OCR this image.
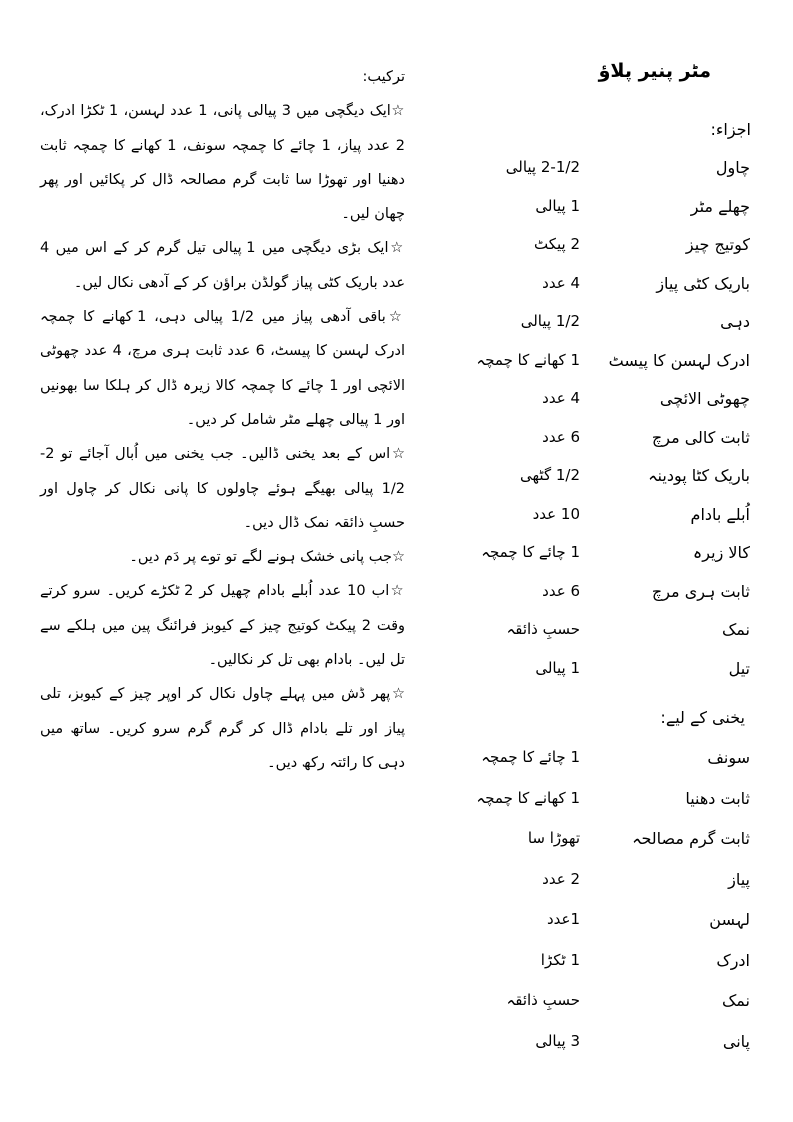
مٹر پنیر پلاؤ
اجزاء:
چاول
2-1/2 پیالی
چھلے مٹر
1 پیالی
کوتیج چیز
2 پیکٹ
باریک کٹی پیاز
4 عدد
دہی
1/2 پیالی
ادرک لہسن کا پیسٹ
1 کھانے کا چمچہ
چھوٹی الائچی
4 عدد
ثابت کالی مرچ
6 عدد
باریک کٹا پودینہ
1/2 گٹھی
اُبلے بادام
10 عدد
کالا زیرہ
1 چائے کا چمچہ
ثابت ہری مرچ
6 عدد
نمک
حسبِ ذائقہ
تیل
1 پیالی
یخنی کے لیے:
سونف
1 چائے کا چمچہ
ثابت دھنیا
1 کھانے کا چمچہ
ثابت گرم مصالحہ
تھوڑا سا
پیاز
2 عدد
لہسن
1عدد
ادرک
1 ٹکڑا
نمک
حسبِ ذائقہ
پانی
3 پیالی
ترکیب:

☆ایک دیگچی میں 3 پیالی پانی، 1 عدد لہسن، 1 ٹکڑا ادرک، 2 عدد پیاز، 1 چائے کا چمچہ سونف، 1 کھانے کا چمچہ ثابت دھنیا اور تھوڑا سا ثابت گرم مصالحہ ڈال کر پکائیں اور پھر چھان لیں۔

☆ایک بڑی دیگچی میں 1 پیالی تیل گرم کر کے اس میں 4 عدد باریک کٹی پیاز گولڈن براؤن کر کے آدھی نکال لیں۔

☆باقی آدھی پیاز میں 1/2 پیالی دہی، 1 کھانے کا چمچہ ادرک لہسن کا پیسٹ، 6 عدد ثابت ہری مرچ، 4 عدد چھوٹی الائچی اور 1 چائے کا چمچہ کالا زیرہ ڈال کر ہلکا سا بھونیں اور 1 پیالی چھلے مٹر شامل کر دیں۔

☆اس کے بعد یخنی ڈالیں۔ جب یخنی میں اُبال آجائے تو 2-1/2 پیالی بھیگے ہوئے چاولوں کا پانی نکال کر چاول اور حسبِ ذائقہ نمک ڈال دیں۔

☆جب پانی خشک ہونے لگے تو توے پر دَم دیں۔

☆اب 10 عدد اُبلے بادام چھیل کر 2 ٹکڑے کریں۔ سرو کرتے وقت 2 پیکٹ کوتیج چیز کے کیوبز فرائنگ پین میں ہلکے سے تل لیں۔ بادام بھی تل کر نکالیں۔

☆پھر ڈش میں پہلے چاول نکال کر اوپر چیز کے کیوبز، تلی پیاز اور تلے بادام ڈال کر گرم گرم سرو کریں۔ ساتھ میں دہی کا رائتہ رکھ دیں۔
